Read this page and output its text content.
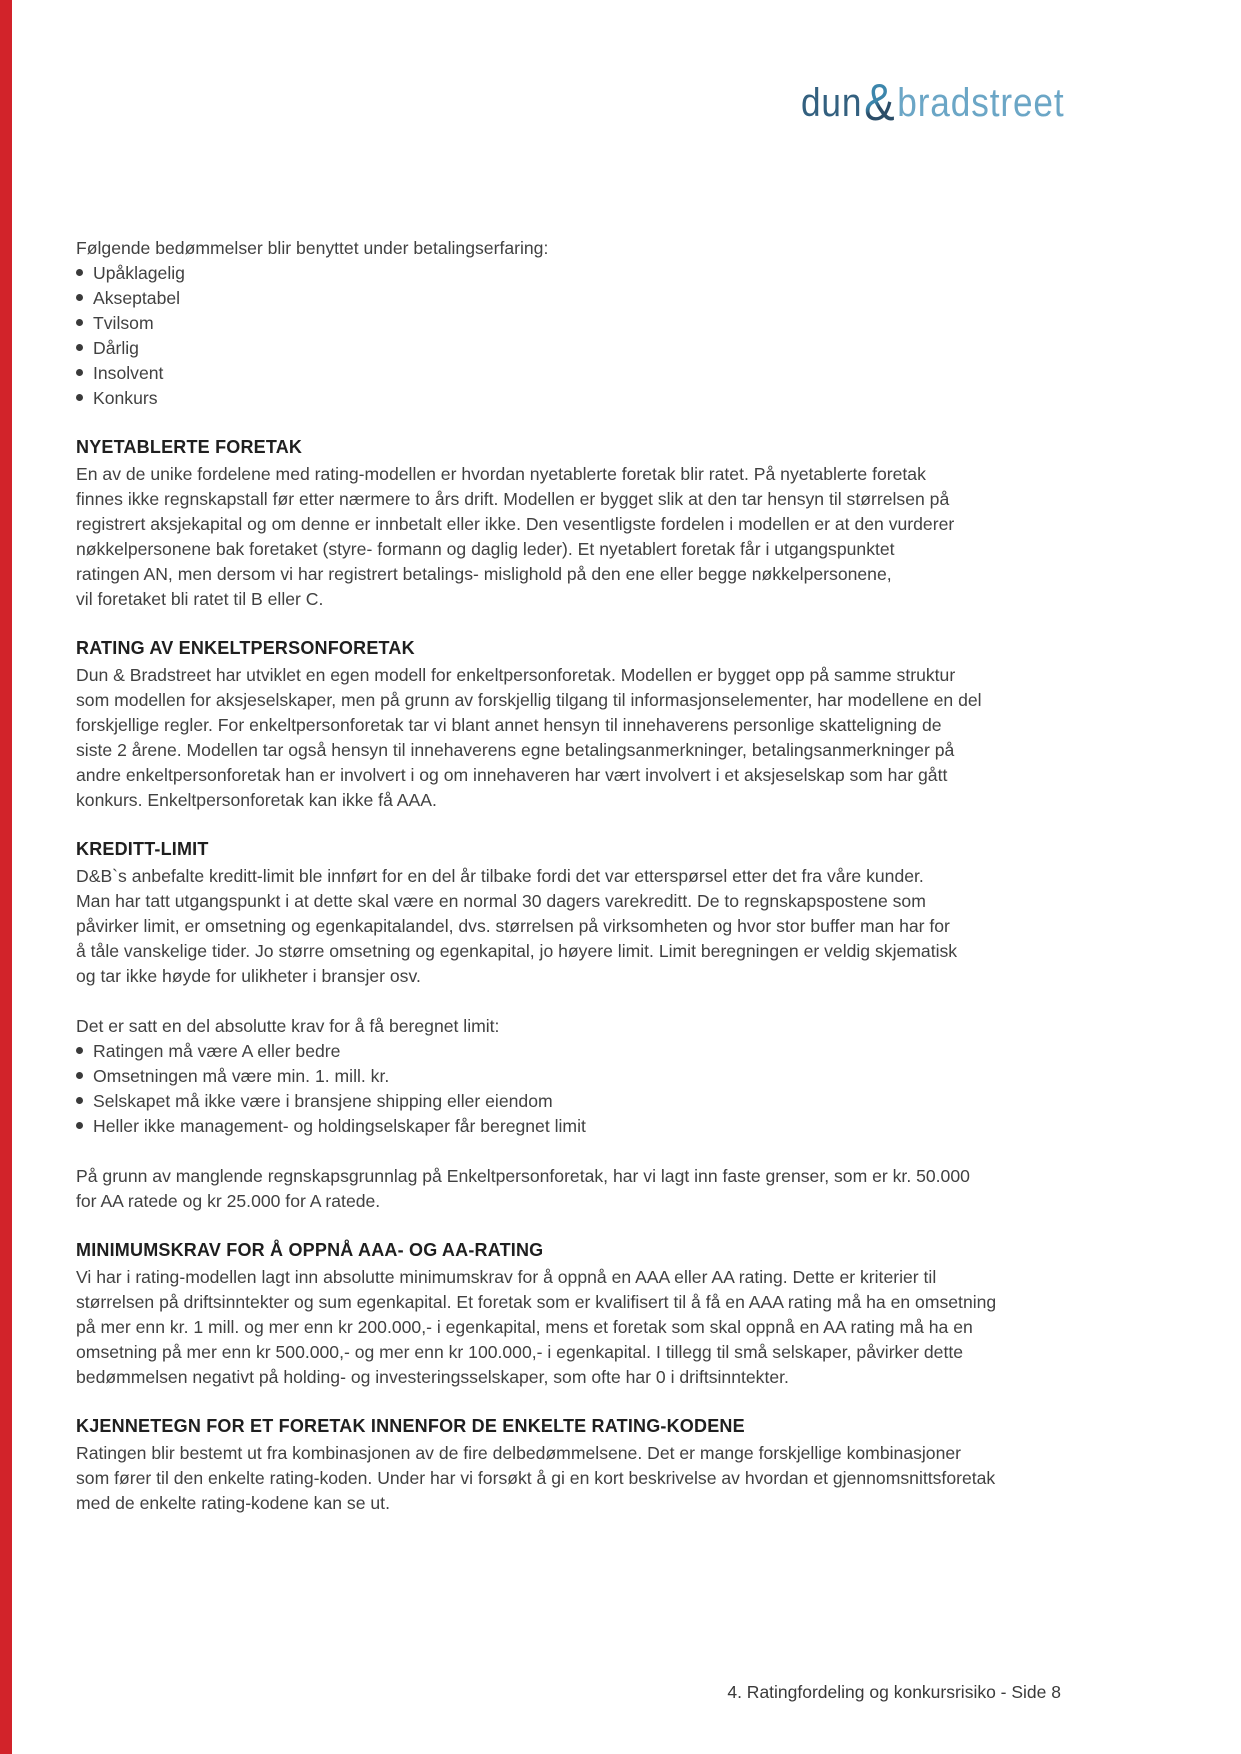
dun&bradstreet

Følgende bedømmelser blir benyttet under betalingserfaring:

Upåklagelig
Akseptabel
Tvilsom
Dårlig
Insolvent
Konkurs
NYETABLERTE FORETAK
En av de unike fordelene med rating-modellen er hvordan nyetablerte foretak blir ratet. På nyetablerte foretak
finnes ikke regnskapstall før etter nærmere to års drift. Modellen er bygget slik at den tar hensyn til størrelsen på
registrert aksjekapital og om denne er innbetalt eller ikke. Den vesentligste fordelen i modellen er at den vurderer
nøkkelpersonene bak foretaket (styre- formann og daglig leder). Et nyetablert foretak får i utgangspunktet
ratingen AN, men dersom vi har registrert betalings- mislighold på den ene eller begge nøkkelpersonene,
vil foretaket bli ratet til B eller C.
RATING AV ENKELTPERSONFORETAK
Dun & Bradstreet har utviklet en egen modell for enkeltpersonforetak. Modellen er bygget opp på samme struktur
som modellen for aksjeselskaper, men på grunn av forskjellig tilgang til informasjonselementer, har modellene en del
forskjellige regler. For enkeltpersonforetak tar vi blant annet hensyn til innehaverens personlige skatteligning de
siste 2 årene. Modellen tar også hensyn til innehaverens egne betalingsanmerkninger, betalingsanmerkninger på
andre enkeltpersonforetak han er involvert i og om innehaveren har vært involvert i et aksjeselskap som har gått
konkurs. Enkeltpersonforetak kan ikke få AAA.
KREDITT-LIMIT
D&B`s anbefalte kreditt-limit ble innført for en del år tilbake fordi det var etterspørsel etter det fra våre kunder.
Man har tatt utgangspunkt i at dette skal være en normal 30 dagers varekreditt. De to regnskapspostene som
påvirker limit, er omsetning og egenkapitalandel, dvs. størrelsen på virksomheten og hvor stor buffer man har for
å tåle vanskelige tider. Jo større omsetning og egenkapital, jo høyere limit. Limit beregningen er veldig skjematisk
og tar ikke høyde for ulikheter i bransjer osv.
Det er satt en del absolutte krav for å få beregnet limit:
Ratingen må være A eller bedre
Omsetningen må være min. 1. mill. kr.
Selskapet må ikke være i bransjene shipping eller eiendom
Heller ikke management- og holdingselskaper får beregnet limit
På grunn av manglende regnskapsgrunnlag på Enkeltpersonforetak, har vi lagt inn faste grenser, som er kr. 50.000
for AA ratede og kr 25.000 for A ratede.
MINIMUMSKRAV FOR Å OPPNÅ AAA- OG AA-RATING
Vi har i rating-modellen lagt inn absolutte minimumskrav for å oppnå en AAA eller AA rating. Dette er kriterier til
størrelsen på driftsinntekter og sum egenkapital. Et foretak som er kvalifisert til å få en AAA rating må ha en omsetning
på mer enn kr. 1 mill. og mer enn kr 200.000,- i egenkapital, mens et foretak som skal oppnå en AA rating må ha en
omsetning på mer enn kr 500.000,- og mer enn kr 100.000,- i egenkapital. I tillegg til små selskaper, påvirker dette
bedømmelsen negativt på holding- og investeringsselskaper, som ofte har 0 i driftsinntekter.
KJENNETEGN FOR ET FORETAK INNENFOR DE ENKELTE RATING-KODENE
Ratingen blir bestemt ut fra kombinasjonen av de fire delbedømmelsene. Det er mange forskjellige kombinasjoner
som fører til den enkelte rating-koden. Under har vi forsøkt å gi en kort beskrivelse av hvordan et gjennomsnittsforetak
med de enkelte rating-kodene kan se ut.
4. Ratingfordeling og konkursrisiko - Side 8
